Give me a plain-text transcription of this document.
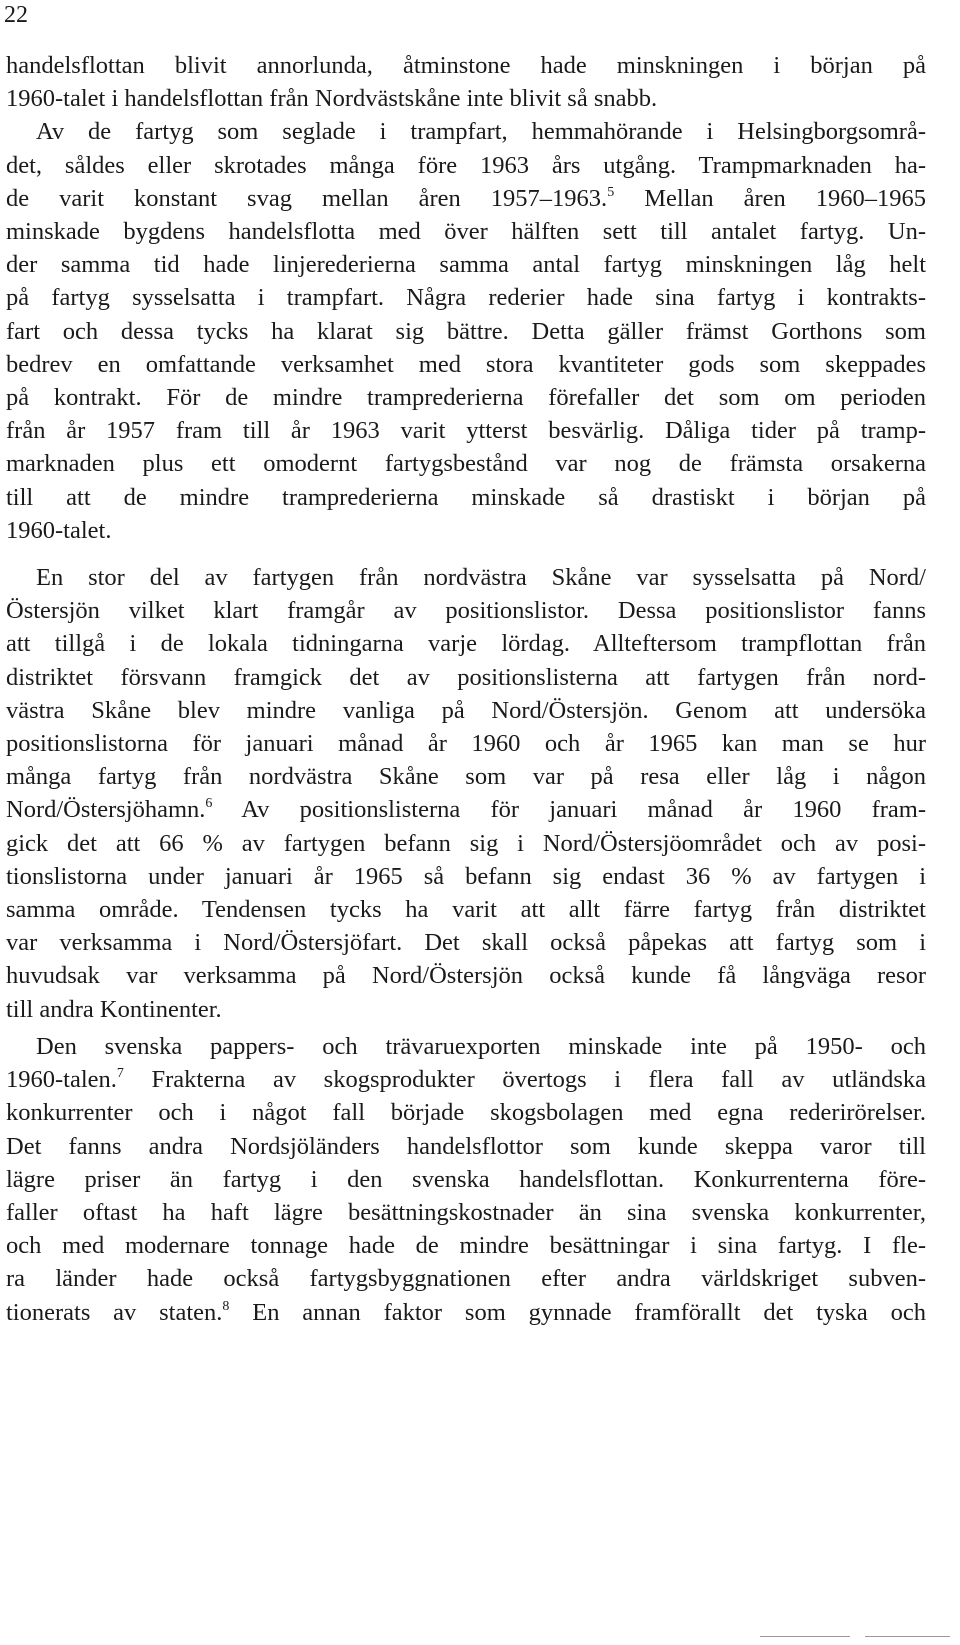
22
handelsflottan blivit annorlunda, åtminstone hade minskningen i början på
1960-talet i handelsflottan från Nordvästskåne inte blivit så snabb.
Av de fartyg som seglade i trampfart, hemmahörande i Helsingborgsområ-
det, såldes eller skrotades många före 1963 års utgång. Trampmarknaden ha-
de varit konstant svag mellan åren 1957–1963.$^5$ Mellan åren 1960–1965
minskade bygdens handelsflotta med över hälften sett till antalet fartyg. Un-
der samma tid hade linjerederierna samma antal fartyg minskningen låg helt
på fartyg sysselsatta i trampfart. Några rederier hade sina fartyg i kontrakts-
fart och dessa tycks ha klarat sig bättre. Detta gäller främst Gorthons som
bedrev en omfattande verksamhet med stora kvantiteter gods som skeppades
på kontrakt. För de mindre tramprederierna förefaller det som om perioden
från år 1957 fram till år 1963 varit ytterst besvärlig. Dåliga tider på tramp-
marknaden plus ett omodernt fartygsbestånd var nog de främsta orsakerna
till att de mindre tramprederierna minskade så drastiskt i början på
1960-talet.
En stor del av fartygen från nordvästra Skåne var sysselsatta på Nord/
Östersjön vilket klart framgår av positionslistor. Dessa positionslistor fanns
att tillgå i de lokala tidningarna varje lördag. Allteftersom trampflottan från
distriktet försvann framgick det av positionslisterna att fartygen från nord-
västra Skåne blev mindre vanliga på Nord/Östersjön. Genom att undersöka
positionslistorna för januari månad år 1960 och år 1965 kan man se hur
många fartyg från nordvästra Skåne som var på resa eller låg i någon
Nord/Östersjöhamn.$^6$ Av positionslisterna för januari månad år 1960 fram-
gick det att 66 % av fartygen befann sig i Nord/Östersjöområdet och av posi-
tionslistorna under januari år 1965 så befann sig endast 36 % av fartygen i
samma område. Tendensen tycks ha varit att allt färre fartyg från distriktet
var verksamma i Nord/Östersjöfart. Det skall också påpekas att fartyg som i
huvudsak var verksamma på Nord/Östersjön också kunde få långväga resor
till andra Kontinenter.
Den svenska pappers- och trävaruexporten minskade inte på 1950- och
1960-talen.$^7$ Frakterna av skogsprodukter övertogs i flera fall av utländska
konkurrenter och i något fall började skogsbolagen med egna rederirörelser.
Det fanns andra Nordsjöländers handelsflottor som kunde skeppa varor till
lägre priser än fartyg i den svenska handelsflottan. Konkurrenterna före-
faller oftast ha haft lägre besättningskostnader än sina svenska konkurrenter,
och med modernare tonnage hade de mindre besättningar i sina fartyg. I fle-
ra länder hade också fartygsbyggnationen efter andra världskriget subven-
tionerats av staten.$^8$ En annan faktor som gynnade framförallt det tyska och
